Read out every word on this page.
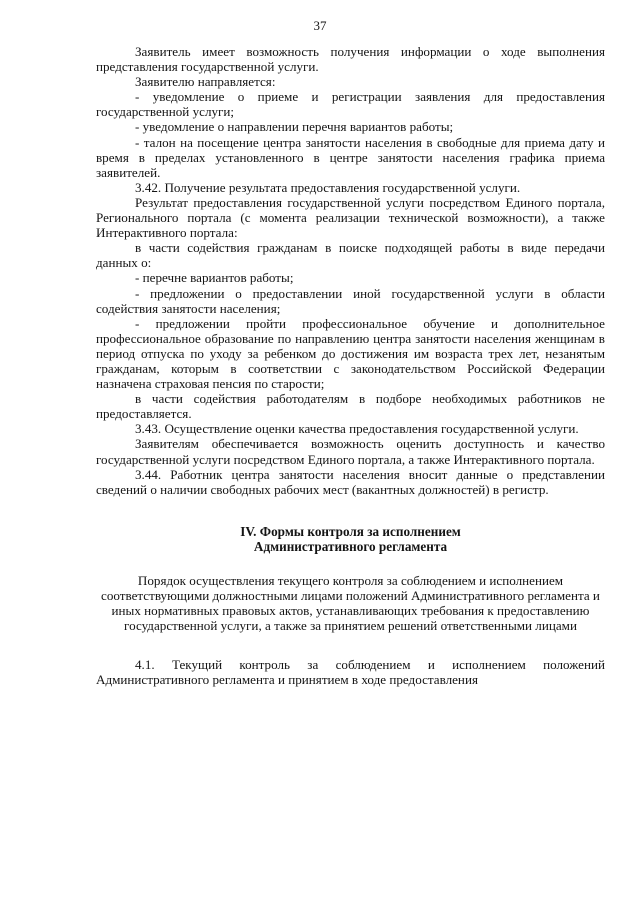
37

Заявитель имеет возможность получения информации о ходе выполнения представления государственной услуги.

Заявителю направляется:

- уведомление о приеме и регистрации заявления для предоставления государственной услуги;

- уведомление о направлении перечня вариантов работы;

- талон на посещение центра занятости населения в свободные для приема дату и время в пределах установленного в центре занятости населения графика приема заявителей.

3.42. Получение результата предоставления государственной услуги.

Результат предоставления государственной услуги посредством Единого портала, Регионального портала (с момента реализации технической возможности), а также Интерактивного портала:

в части содействия гражданам в поиске подходящей работы в виде передачи данных о:

- перечне вариантов работы;

- предложении о предоставлении иной государственной услуги в области содействия занятости населения;

- предложении пройти профессиональное обучение и дополнительное профессиональное образование по направлению центра занятости населения женщинам в период отпуска по уходу за ребенком до достижения им возраста трех лет, незанятым гражданам, которым в соответствии с законодательством Российской Федерации назначена страховая пенсия по старости;

в части содействия работодателям в подборе необходимых работников не предоставляется.

3.43. Осуществление оценки качества предоставления государственной услуги.

Заявителям обеспечивается возможность оценить доступность и качество государственной услуги посредством Единого портала, а также Интерактивного портала.

3.44. Работник центра занятости населения вносит данные о представлении сведений о наличии свободных рабочих мест (вакантных должностей) в регистр.

IV. Формы контроля за исполнением
Административного регламента

Порядок осуществления текущего контроля за соблюдением и исполнением соответствующими должностными лицами положений Административного регламента и иных нормативных правовых актов, устанавливающих требования к предоставлению государственной услуги, а также за принятием решений ответственными лицами

4.1. Текущий контроль за соблюдением и исполнением положений Административного регламента и принятием в ходе предоставления
